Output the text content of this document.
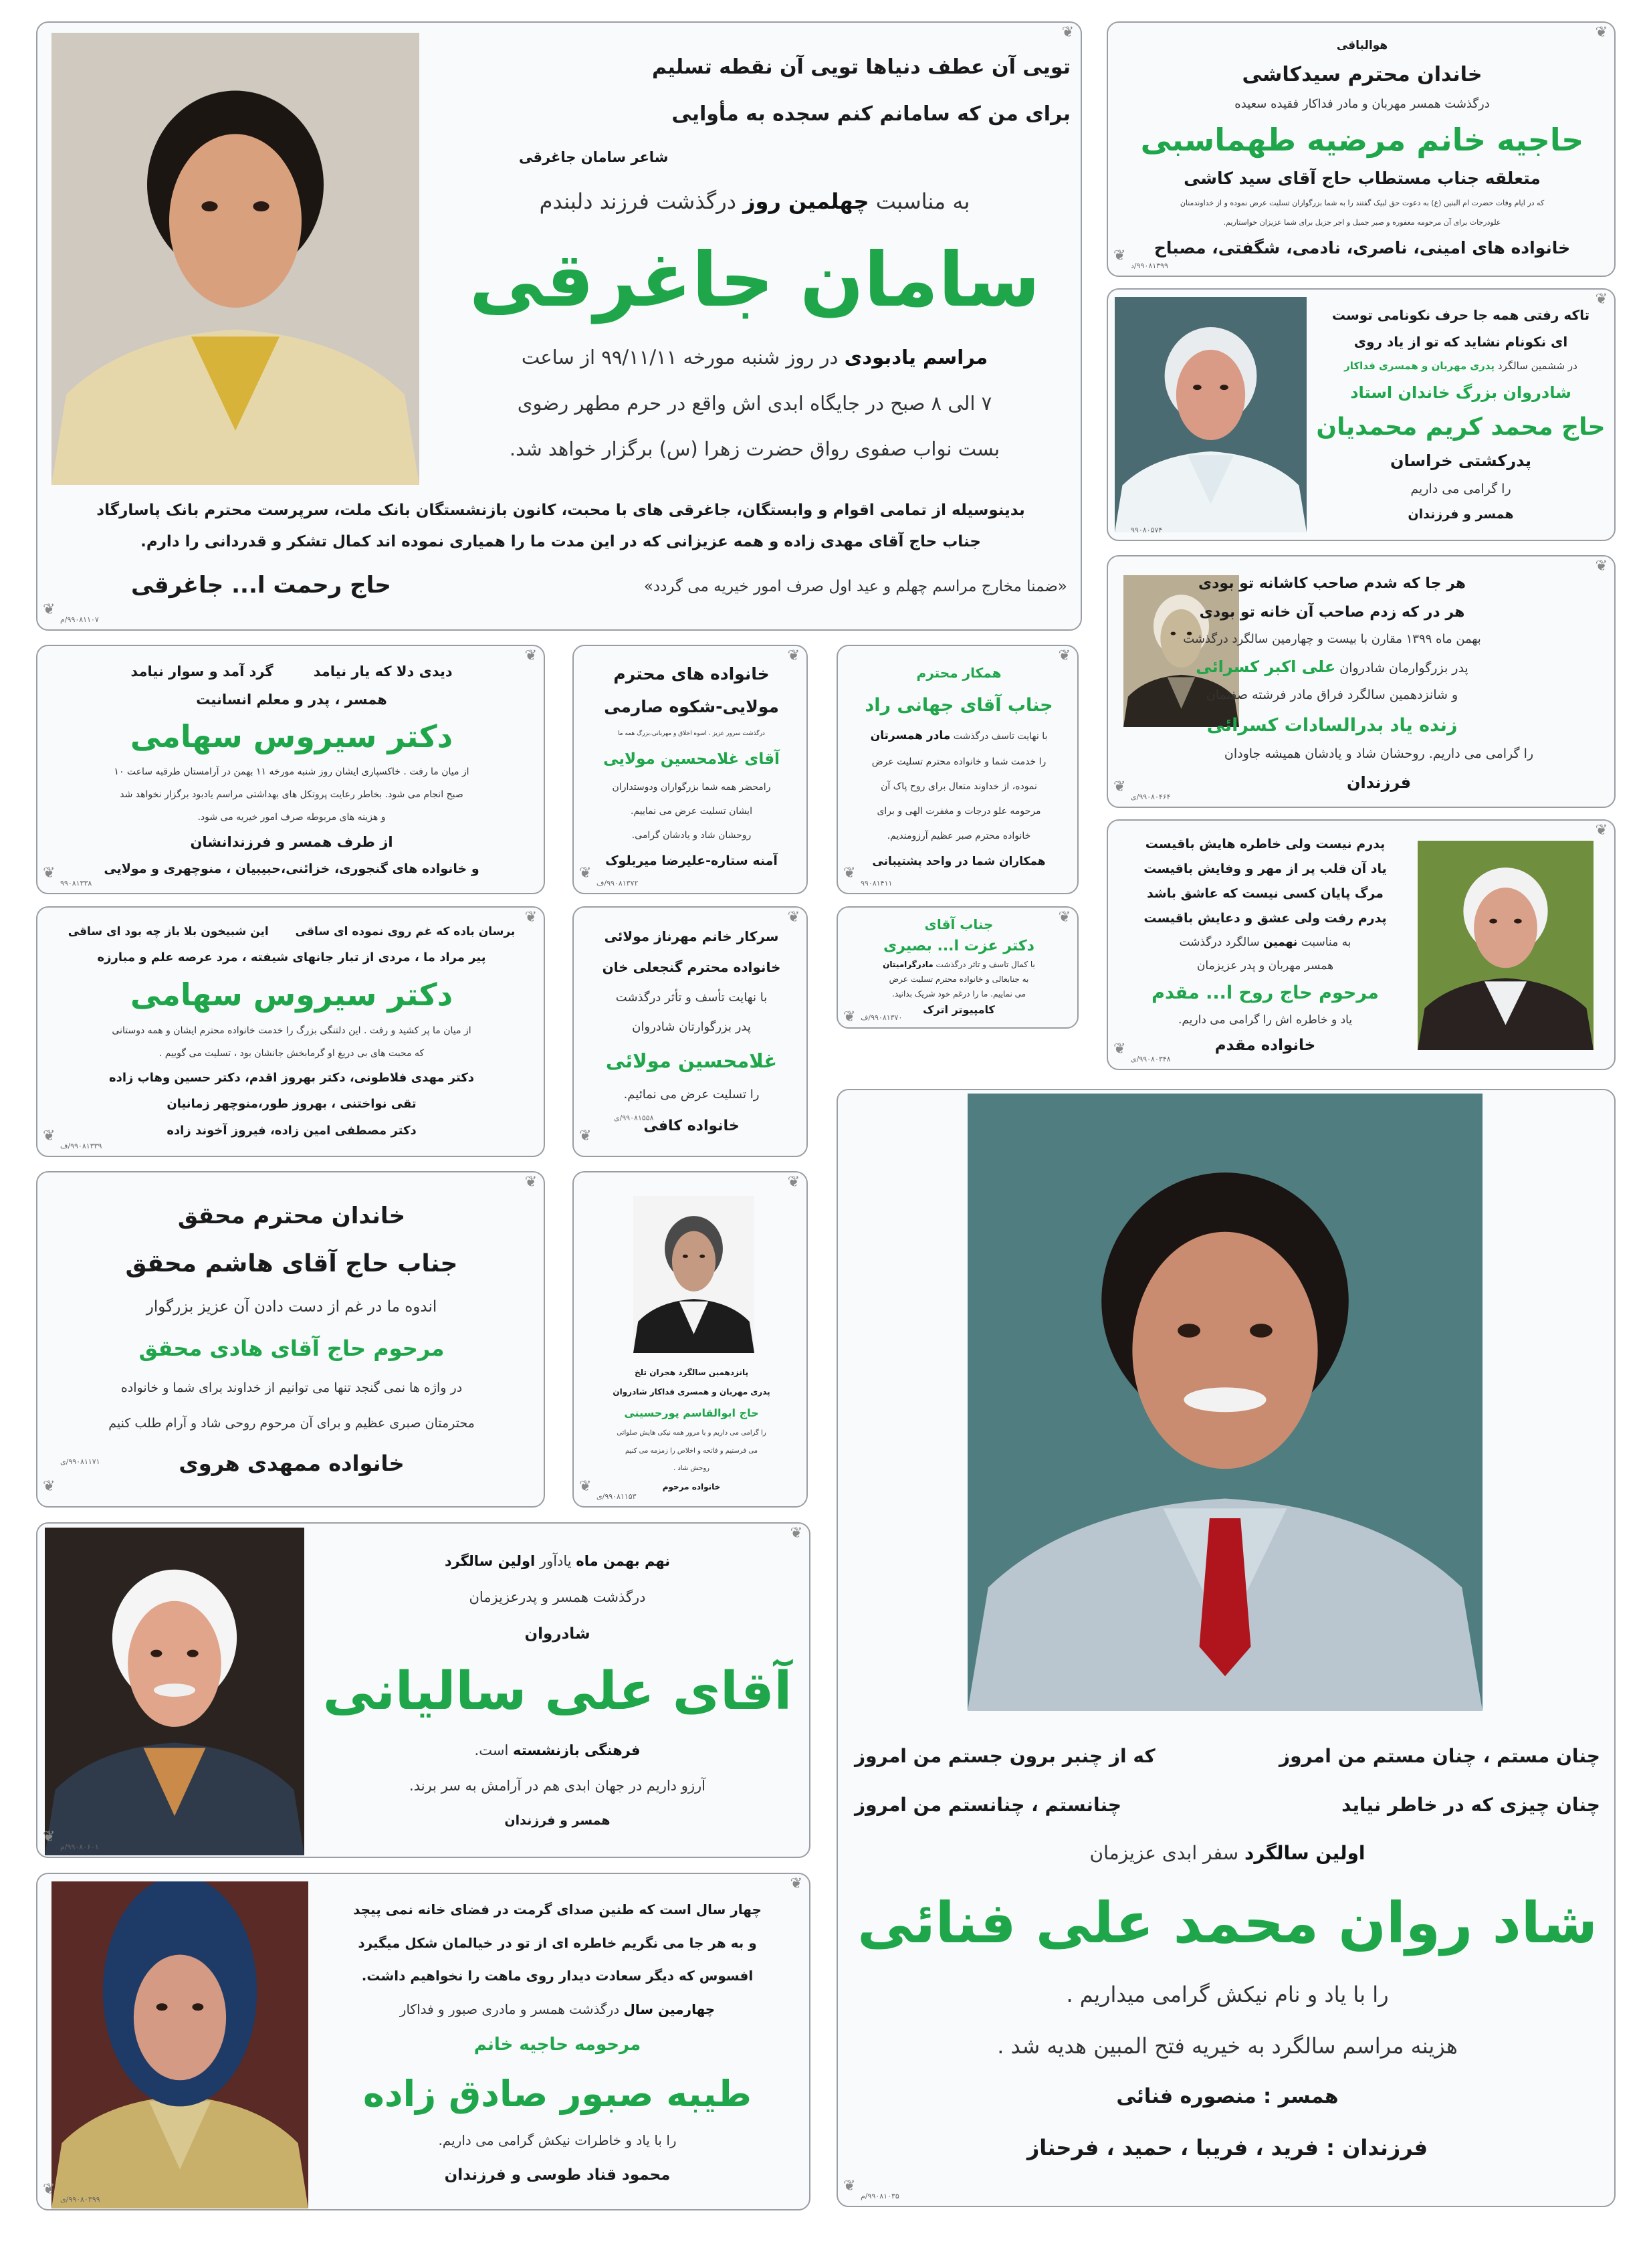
تویی آن عطف دنیاها تویی آن نقطه تسلیم
برای من که سامانم کنم سجده به مأوایی
شاعر سامان جاغرقی
به مناسبت چهلمین روز درگذشت فرزند دلبندم
سامان جاغرقی
مراسم یادبودی در روز شنبه مورخه ۹۹/۱۱/۱۱ از ساعت
۷ الی ۸ صبح در جایگاه ابدی اش واقع در حرم مطهر رضوی
بست نواب صفوی رواق حضرت زهرا (س) برگزار خواهد شد.
بدینوسیله از تمامی اقوام و وابستگان، جاغرقی های با محبت، کانون بازنشستگان بانک ملت، سرپرست محترم بانک پاسارگاد
جناب حاج آقای مهدی زاده و همه عزیزانی که در این مدت ما را همیاری نموده اند کمال تشکر و قدردانی را دارم.
«ضمنا مخارج مراسم چهلم و عید اول صرف امور خیریه می گردد»
حاج رحمت ا... جاغرقی
❦
❦
۹۹۰۸۱۱۰۷/م
هوالباقی
خاندان محترم سیدکاشی
درگذشت همسر مهربان و مادر فداکار فقیده سعیده
حاجیه خانم مرضیه طهماسبی
متعلقه جناب مستطاب حاج آقای سید کاشی
که در ایام وفات حضرت ام البنین (ع) به دعوت حق لبیک گفتند را به شما بزرگواران تسلیت عرض نموده و از خداوندمنان
علودرجات برای آن مرحومه مغفوره و صبر جمیل و اجر جزیل برای شما عزیزان خواستاریم.
خانواده های امینی، ناصری، نادمی، شگفتی، مصباح
❦
❦
۹۹۰۸۱۳۹۹/د
تاکه رفتی همه جا حرف نکونامی توست
ای نکونام نشاید که تو از یاد روی
در ششمین سالگرد پدری مهربان و همسری فداکار
شادروان بزرگ خاندان استاد
حاج محمد کریم محمدیان
پدرکشتی خراسان
را گرامی می داریم
همسر و فرزندان
❦
۹۹۰۸۰۵۷۴
هر جا که شدم صاحب کاشانه تو بودی
هر در که زدم صاحب آن خانه تو بودی
بهمن ماه ۱۳۹۹ مقارن با بیست و چهارمین سالگرد درگذشت
پدر بزرگوارمان شادروان علی اکبر کسرائی
و شانزدهمین سالگرد فراق مادر فرشته صفتمان
زنده یاد بدرالسادات کسرائی
را گرامی می داریم. روحشان شاد و یادشان همیشه جاودان
فرزندان
❦
❦
۹۹۰۸۰۴۶۴/ی
پدرم نیست ولی خاطره هایش باقیست
یاد آن قلب پر از مهر و وفایش باقیست
مرگ پایان کسی نیست که عاشق باشد
پدرم رفت ولی عشق و دعایش باقیست
به مناسبت نهمین سالگرد درگذشت
همسر مهربان و پدر عزیزمان
مرحوم حاج روح ا... مقدم
یاد و خاطره اش را گرامی می داریم.
خانواده مقدم
❦
❦
۹۹۰۸۰۳۴۸/ی
دیدی دلا که یار نیامد
گرد آمد و سوار نیامد
همسر ، پدر و معلم انسانیت
دکتر سیروس سهامی
از میان ما رفت . خاکسپاری ایشان روز شنبه مورخه ۱۱ بهمن در آرامستان طرقبه ساعت ۱۰
صبح انجام می شود. بخاطر رعایت پروتکل های بهداشتی مراسم یادبود برگزار نخواهد شد
و هزینه های مربوطه صرف امور خیریه می شود.
از طرف همسر و فرزندانشان
و خانواده های گنجوری، خزائنی،حبیبیان ، منوچهری و مولایی
❦
❦
۹۹۰۸۱۳۳۸
برسان باده که غم روی نموده ای ساقی
این شبیخون بلا باز چه بود ای ساقی
پیر مراد ما ، مردی از تبار جانهای شیفته ، مرد عرصه علم و مبارزه
دکتر سیروس سهامی
از میان ما پر کشید و رفت . این دلتنگی بزرگ را خدمت خانواده محترم ایشان و همه دوستانی
که محبت های بی دریغ او گرمابخش جانشان بود ، تسلیت می گوییم .
دکتر مهدی فلاطونی، دکتر بهروز اقدم، دکتر حسین وهاب زاده
تقی نواختنی ، بهروز طور،منوچهر زمانیان
دکتر مصطفی امین زاده، فیروز آخوند زاده
❦
❦
۹۹۰۸۱۳۳۹/ف
خانواده های محترم
مولایی-شکوه صارمی
درگذشت سرور عزیز ، اسوه اخلاق و مهربانی،بزرگ همه ما
آقای غلامحسین مولایی
رامحضر همه شما بزرگواران ودوستداران
ایشان تسلیت عرض می نماییم.
روحشان شاد و یادشان گرامی.
آمنه ستاره-علیرضا میربلوک
❦
❦
۹۹۰۸۱۳۷۲/ف
همکار محترم
جناب آقای جهانی راد
با نهایت تاسف درگذشت مادر همسرتان
را خدمت شما و خانواده محترم تسلیت عرض
نموده، از خداوند متعال برای روح پاک آن
مرحومه علو درجات و مغفرت الهی و برای
خانواده محترم صبر عظیم آرزومندیم.
همکاران شما در واحد پشتیبانی
❦
❦
۹۹۰۸۱۴۱۱
سرکار خانم مهرناز مولائی
خانواده محترم گنجعلی خان
با نهایت تأسف و تأثر درگذشت
پدر بزرگوارتان شادروان
غلامحسین مولائی
را تسلیت عرض می نمائیم.
خانواده کافی
❦
❦
۹۹۰۸۱۵۵۸/ی
جناب آقای
دکتر عزت ا... بصیری
با کمال تاسف و تاثر درگذشت مادرگرامیتان
به جنابعالی و خانواده محترم تسلیت عرض
می نماییم. ما را درغم خود شریک بدانید.
کامپیوتر اترک
❦
❦ ۹۹۰۸۱۳۷۰/ف
چنان مستم ، چنان مستم من امروز
که از چنبر برون جستم من امروز
چنان چیزی که در خاطر نیاید
چنانستم ، چنانستم من امروز
اولین سالگرد سفر ابدی عزیزمان
شاد روان محمد علی فنائی
را با یاد و نام نیکش گرامی میداریم .
هزینه مراسم سالگرد به خیریه فتح المبین هدیه شد .
همسر : منصوره فنائی
فرزندان : فرید ، فریبا ، حمید ، فرحناز
❦
۹۹۰۸۱۰۳۵/م
خاندان محترم محقق
جناب حاج آقای هاشم محقق
اندوه ما در غم از دست دادن آن عزیز بزرگوار
مرحوم حاج آقای هادی محقق
در واژه ها نمی گنجد تنها می توانیم از خداوند برای شما و خانواده
محترمتان صبری عظیم و برای آن مرحوم روحی شاد و آرام طلب کنیم
خانواده ممهدی هروی
❦
❦
۹۹۰۸۱۱۷۱/ی
پانزدهمین سالگرد هجران تلخ
پدری مهربان و همسری فداکار شادروان
حاج ابوالقاسم پورحسینی
را گرامی می داریم و با مرور همه نیکی هایش صلواتی
می فرستیم و فاتحه و اخلاص را زمزمه می کنیم
روحش شاد .
خانواده مرحوم
❦
❦
۹۹۰۸۱۱۵۳/ی
نهم بهمن ماه یادآور اولین سالگرد
درگذشت همسر و پدرعزیزمان
شادروان
آقای علی سالیانی
فرهنگی بازنشسته است.
آرزو داریم در جهان ابدی هم در آرامش به سر برند.
همسر و فرزندان
❦
❦
۹۹۰۸۰۶۰۱/م
چهار سال است که طنین صدای گرمت در فضای خانه نمی پیچد
و به هر جا می نگریم خاطره ای از تو در خیالمان شکل میگیرد
افسوس که دیگر سعادت دیدار روی ماهت را نخواهیم داشت.
چهارمین سال درگذشت همسر و مادری صبور و فداکار
مرحومه حاجیه خانم
طیبه صبور صادق زاده
را با یاد و خاطرات نیکش گرامی می داریم.
محمود قناد طوسی و فرزندان
❦
❦
۹۹۰۸۰۳۹۹/ی
